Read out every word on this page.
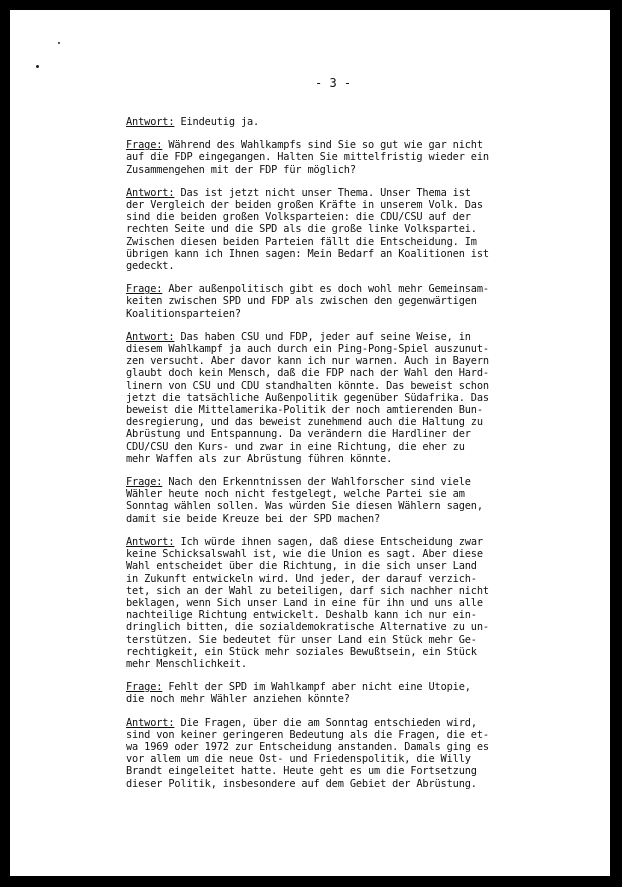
- 3 -
Antwort: Eindeutig ja.
Frage: Während des Wahlkampfs sind Sie so gut wie gar nicht
auf die FDP eingegangen. Halten Sie mittelfristig wieder ein
Zusammengehen mit der FDP für möglich?
Antwort: Das ist jetzt nicht unser Thema. Unser Thema ist
der Vergleich der beiden großen Kräfte in unserem Volk. Das
sind die beiden großen Volksparteien: die CDU/CSU auf der
rechten Seite und die SPD als die große linke Volkspartei.
Zwischen diesen beiden Parteien fällt die Entscheidung. Im
übrigen kann ich Ihnen sagen: Mein Bedarf an Koalitionen ist
gedeckt.
Frage: Aber außenpolitisch gibt es doch wohl mehr Gemeinsam-
keiten zwischen SPD und FDP als zwischen den gegenwärtigen
Koalitionsparteien?
Antwort: Das haben CSU und FDP, jeder auf seine Weise, in
diesem Wahlkampf ja auch durch ein Ping-Pong-Spiel auszunut-
zen versucht. Aber davor kann ich nur warnen. Auch in Bayern
glaubt doch kein Mensch, daß die FDP nach der Wahl den Hard-
linern von CSU und CDU standhalten könnte. Das beweist schon
jetzt die tatsächliche Außenpolitik gegenüber Südafrika. Das
beweist die Mittelamerika-Politik der noch amtierenden Bun-
desregierung, und das beweist zunehmend auch die Haltung zu
Abrüstung und Entspannung. Da verändern die Hardliner der
CDU/CSU den Kurs- und zwar in eine Richtung, die eher zu
mehr Waffen als zur Abrüstung führen könnte.
Frage: Nach den Erkenntnissen der Wahlforscher sind viele
Wähler heute noch nicht festgelegt, welche Partei sie am
Sonntag wählen sollen. Was würden Sie diesen Wählern sagen,
damit sie beide Kreuze bei der SPD machen?
Antwort: Ich würde ihnen sagen, daß diese Entscheidung zwar
keine Schicksalswahl ist, wie die Union es sagt. Aber diese
Wahl entscheidet über die Richtung, in die sich unser Land
in Zukunft entwickeln wird. Und jeder, der darauf verzich-
tet, sich an der Wahl zu beteiligen, darf sich nachher nicht
beklagen, wenn Sich unser Land in eine für ihn und uns alle
nachteilige Richtung entwickelt. Deshalb kann ich nur ein-
dringlich bitten, die sozialdemokratische Alternative zu un-
terstützen. Sie bedeutet für unser Land ein Stück mehr Ge-
rechtigkeit, ein Stück mehr soziales Bewußtsein, ein Stück
mehr Menschlichkeit.
Frage: Fehlt der SPD im Wahlkampf aber nicht eine Utopie,
die noch mehr Wähler anziehen könnte?
Antwort: Die Fragen, über die am Sonntag entschieden wird,
sind von keiner geringeren Bedeutung als die Fragen, die et-
wa 1969 oder 1972 zur Entscheidung anstanden. Damals ging es
vor allem um die neue Ost- und Friedenspolitik, die Willy
Brandt eingeleitet hatte. Heute geht es um die Fortsetzung
dieser Politik, insbesondere auf dem Gebiet der Abrüstung.
